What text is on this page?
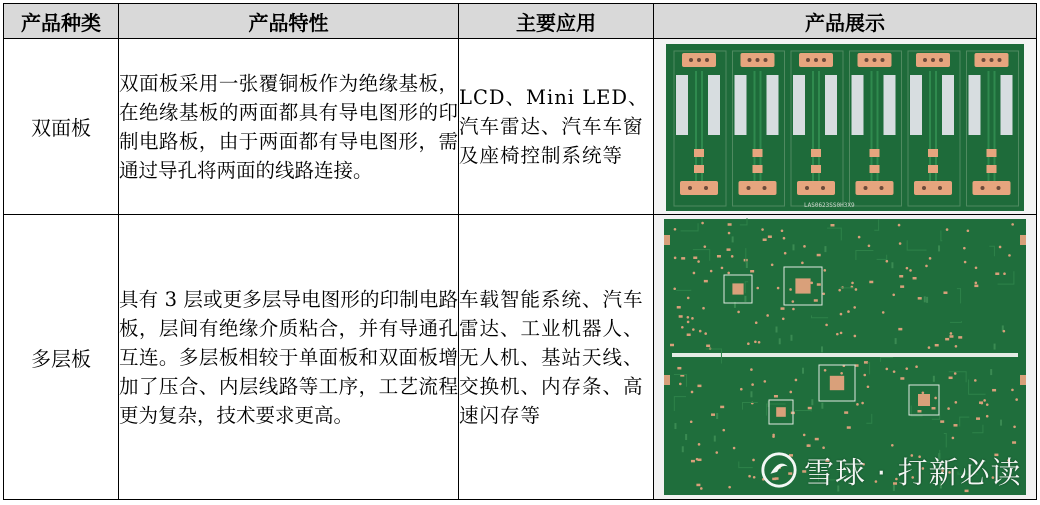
产品种类	产品特性	主要应用	产品展示
双面板	双面板采用一张覆铜板作为绝缘基板，在绝缘基板的两面都具有导电图形的印制电路板，由于两面都有导电图形，需通过导孔将两面的线路连接。	LCD、Mini LED、汽车雷达、汽车车窗及座椅控制系统等	LAS0623SS0H3X9

多层板	具有 3 层或更多层导电图形的印制电路板，层间有绝缘介质粘合，并有导通孔互连。多层板相较于单面板和双面板增加了压合、内层线路等工序，工艺流程更为复杂，技术要求更高。	车载智能系统、汽车雷达、工业机器人、无人机、基站天线、交换机、内存条、高速闪存等	
雪球 · 打新必读
